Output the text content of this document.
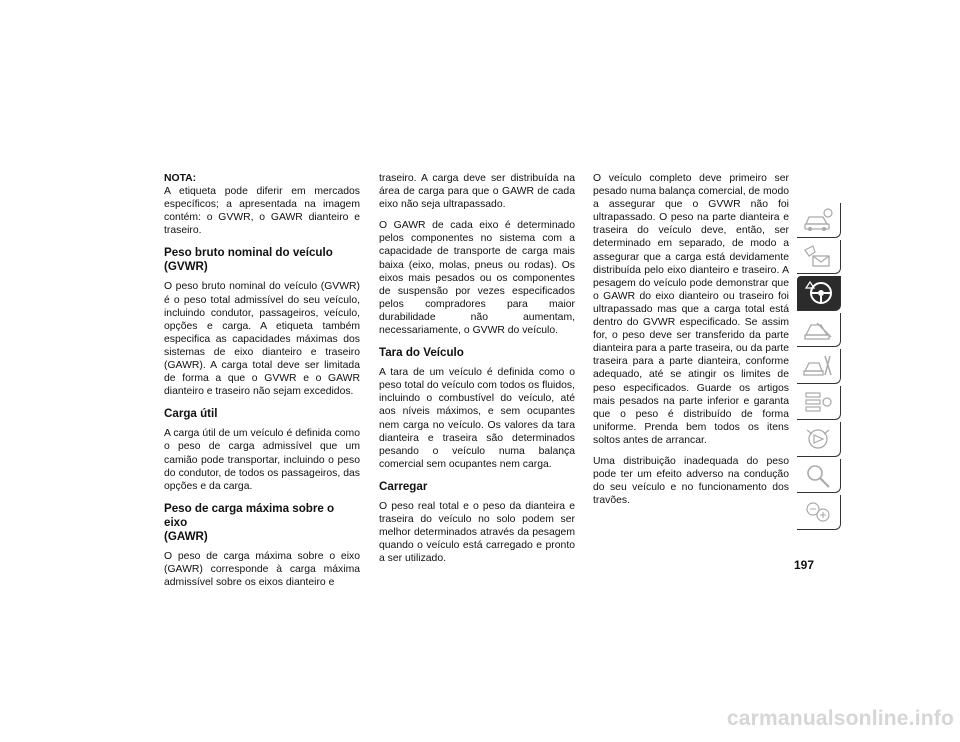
NOTA:
A etiqueta pode diferir em mercados específicos; a apresentada na imagem contém: o GVWR, o GAWR dianteiro e traseiro.

Peso bruto nominal do veículo
(GVWR)

O peso bruto nominal do veículo (GVWR) é o peso total admissível do seu veículo, incluindo condutor, passageiros, veículo, opções e carga. A etiqueta também especifica as capacidades máximas dos sistemas de eixo dianteiro e traseiro (GAWR). A carga total deve ser limitada de forma a que o GVWR e o GAWR dianteiro e traseiro não sejam excedidos.

Carga útil

A carga útil de um veículo é definida como o peso de carga admissível que um camião pode transportar, incluindo o peso do condutor, de todos os passageiros, das opções e da carga.

Peso de carga máxima sobre o eixo
(GAWR)

O peso de carga máxima sobre o eixo (GAWR) corresponde à carga máxima admissível sobre os eixos dianteiro e

traseiro. A carga deve ser distribuída na área de carga para que o GAWR de cada eixo não seja ultrapassado.

O GAWR de cada eixo é determinado pelos componentes no sistema com a capacidade de transporte de carga mais baixa (eixo, molas, pneus ou rodas). Os eixos mais pesados ou os componentes de suspensão por vezes especificados pelos compradores para maior durabilidade não aumentam, necessariamente, o GVWR do veículo.

Tara do Veículo

A tara de um veículo é definida como o peso total do veículo com todos os fluidos, incluindo o combustível do veículo, até aos níveis máximos, e sem ocupantes nem carga no veículo. Os valores da tara dianteira e traseira são determinados pesando o veículo numa balança comercial sem ocupantes nem carga.

Carregar

O peso real total e o peso da dianteira e traseira do veículo no solo podem ser melhor determinados através da pesagem quando o veículo está carregado e pronto a ser utilizado.

O veículo completo deve primeiro ser pesado numa balança comercial, de modo a assegurar que o GVWR não foi ultrapassado. O peso na parte dianteira e traseira do veículo deve, então, ser determinado em separado, de modo a assegurar que a carga está devidamente distribuída pelo eixo dianteiro e traseiro. A pesagem do veículo pode demonstrar que o GAWR do eixo dianteiro ou traseiro foi ultrapassado mas que a carga total está dentro do GVWR especificado. Se assim for, o peso deve ser transferido da parte dianteira para a parte traseira, ou da parte traseira para a parte dianteira, conforme adequado, até se atingir os limites de peso especificados. Guarde os artigos mais pesados na parte inferior e garanta que o peso é distribuído de forma uniforme. Prenda bem todos os itens soltos antes de arrancar.

Uma distribuição inadequada do peso pode ter um efeito adverso na condução do seu veículo e no funcionamento dos travões.

197
carmanualsonline.info
